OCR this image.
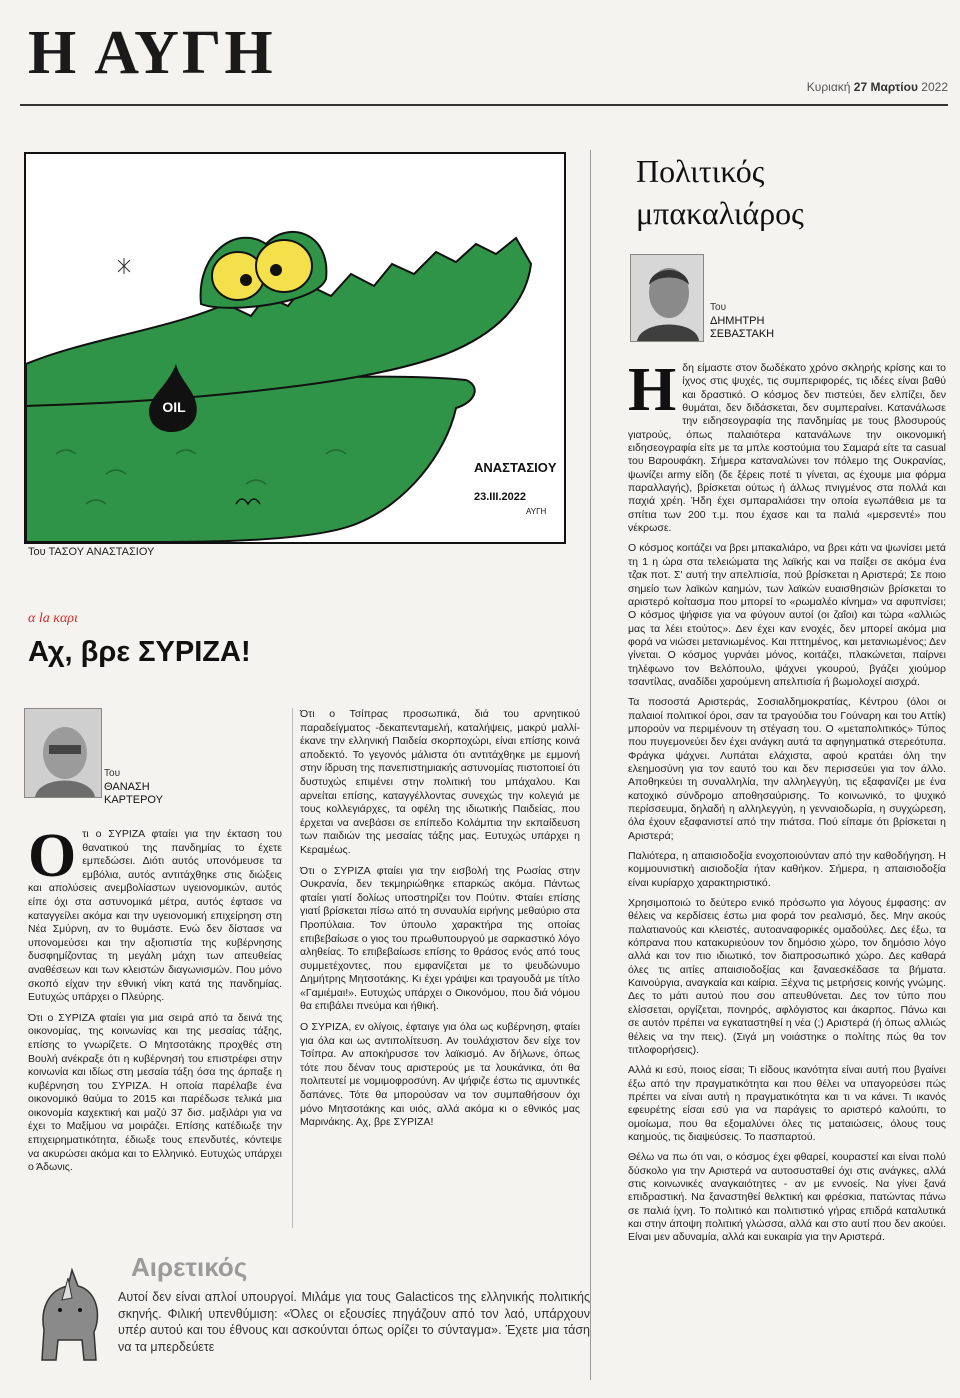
Η ΑΥΓΗ	Κυριακή 27 Μαρτίου 2022
OIL
ANAΣTAΣIOY
23.III.2022
ΑΥΓΗ
Του ΤΑΣΟΥ ΑΝΑΣΤΑΣΙΟΥ
α la καρι
Αχ, βρε ΣΥΡΙΖΑ!
Του
ΘΑΝΑΣΗ
ΚΑΡΤΕΡΟΥ

Οτι ο ΣΥΡΙΖΑ φταίει για την έκταση του θανατικού της πανδημίας το έχετε εμπεδώσει. Διότι αυτός υπονόμευσε τα εμβόλια, αυτός αντιτάχθηκε στις διώξεις και απολύσεις ανεμβολίαστων υγειονομικών, αυτός είπε όχι στα αστυνομικά μέτρα, αυτός έφτασε να καταγγείλει ακόμα και την υγειονομική επιχείρηση στη Νέα Σμύρνη, αν το θυμάστε. Ενώ δεν δίστασε να υπονομεύσει και την αξιοπιστία της κυβέρνησης δυσφημίζοντας τη μεγάλη μάχη των απευθείας αναθέσεων και των κλειστών διαγωνισμών. Που μόνο σκοπό είχαν την εθνική νίκη κατά της πανδημίας. Ευτυχώς υπάρχει ο Πλεύρης.

Ότι ο ΣΥΡΙΖΑ φταίει για μια σειρά από τα δεινά της οικονομίας, της κοινωνίας και της μεσαίας τάξης, επίσης το γνωρίζετε. Ο Μητσοτάκης προχθές στη Βουλή ανέκραξε ότι η κυβέρνησή του επιστρέφει στην κοινωνία και ιδίως στη μεσαία τάξη όσα της άρπαξε η κυβέρνηση του ΣΥΡΙΖΑ. Η οποία παρέλαβε ένα οικονομικό θαύμα το 2015 και παρέδωσε τελικά μια οικονομία καχεκτική και μαζύ 37 δισ. μαξιλάρι για να έχει το Μαξίμου να μοιράζει. Επίσης κατέδιωξε την επιχειρηματικότητα, έδιωξε τους επενδυτές, κόντεψε να ακυρώσει ακόμα και το Ελληνικό. Ευτυχώς υπάρχει ο Άδωνις.

Ότι ο Τσίπρας προσωπικά, διά του αρνητικού παραδείγματος -δεκαπενταμελή, καταλήψεις, μακρύ μαλλί- έκανε την ελληνική Παιδεία σκορποχώρι, είναι επίσης κοινά αποδεκτό. Το γεγονός μάλιστα ότι αντιτάχθηκε με εμμονή στην ίδρυση της πανεπιστημιακής αστυνομίας πιστοποιεί ότι δυστυχώς επιμένει στην πολιτική του μπάχαλου. Και αρνείται επίσης, καταγγέλλοντας συνεχώς την κολεγιά με τους κολλεγιάρχες, τα οφέλη της ιδιωτικής Παιδείας, που έρχεται να ανεβάσει σε επίπεδο Κολάμπια την εκπαίδευση των παιδιών της μεσαίας τάξης μας. Ευτυχώς υπάρχει η Κεραμέως.

Ότι ο ΣΥΡΙΖΑ φταίει για την εισβολή της Ρωσίας στην Ουκρανία, δεν τεκμηριώθηκε επαρκώς ακόμα. Πάντως φταίει γιατί δολίως υποστηρίζει τον Πούτιν. Φταίει επίσης γιατί βρίσκεται πίσω από τη συναυλία ειρήνης μεθαύριο στα Προπύλαια. Τον ύπουλο χαρακτήρα της οποίας επιβεβαίωσε ο γιος του πρωθυπουργού με σαρκαστικό λόγο αληθείας. Το επιβεβαίωσε επίσης το θράσος ενός από τους συμμετέχοντες, που εμφανίζεται με το ψευδώνυμο Δημήτρης Μητσοτάκης. Κι έχει γράψει και τραγουδά με τίτλο «Γαμιέμαι!». Ευτυχώς υπάρχει ο Οικονόμου, που διά νόμου θα επιβάλει πνεύμα και ήθική.

Ο ΣΥΡΙΖΑ, εν ολίγοις, έφταιγε για όλα ως κυβέρνηση, φταίει για όλα και ως αντιπολίτευση. Αν τουλάχιστον δεν είχε τον Τσίπρα. Αν αποκήρυσσε τον λαϊκισμό. Αν δήλωνε, όπως τότε που δέναν τους αριστερούς με τα λουκάνικα, ότι θα πολιτευτεί με νομιμοφροσύνη. Αν ψήφιζε έστω τις αμυντικές δαπάνες. Τότε θα μπορούσαν να τον συμπαθήσουν όχι μόνο Μητσοτάκης και υιός, αλλά ακόμα κι ο εθνικός μας Μαρινάκης. Αχ, βρε ΣΥΡΙΖΑ!

Αιρετικός
Αυτοί δεν είναι απλοί υπουργοί. Μιλάμε για τους Galacticos της ελληνικής πολιτικής σκηνής. Φιλική υπενθύμιση: «Όλες οι εξουσίες πηγάζουν από τον λαό, υπάρχουν υπέρ αυτού και του έθνους και ασκούνται όπως ορίζει το σύνταγμα». Έχετε μια τάση να τα μπερδεύετε
Πολιτικός
μπακαλιάρος
Του
ΔΗΜΗΤΡΗ
ΣΕΒΑΣΤΑΚΗ

Ηδη είμαστε στον δωδέκατο χρόνο σκληρής κρίσης και το ίχνος στις ψυχές, τις συμπεριφορές, τις ιδέες είναι βαθύ και δραστικό. Ο κόσμος δεν πιστεύει, δεν ελπίζει, δεν θυμάται, δεν διδάσκεται, δεν συμπεραίνει. Κατανάλωσε την ειδησεογραφία της πανδημίας με τους βλοσυρούς γιατρούς, όπως παλαιότερα κατανάλωνε την οικονομική ειδησεογραφία είτε με τα μπλε κοστούμια του Σαμαρά είτε τα casual του Βαρουφάκη. Σήμερα καταναλώνει τον πόλεμο της Ουκρανίας, ψωνίζει army είδη (δε ξέρεις ποτέ τι γίνεται, ας έχουμε μια φόρμα παραλλαγής), βρίσκεται ούτως ή άλλως πνιγμένος στα πολλά και παχιά χρέη. Ήδη έχει σμπαραλιάσει την οποία εγωπάθεια με τα σπίτια των 200 τ.μ. που έχασε και τα παλιά «μερσεντέ» που νέκρωσε.

Ο κόσμος κοιτάζει να βρει μπακαλιάρο, να βρει κάτι να ψωνίσει μετά τη 1 η ώρα στα τελειώματα της λαϊκής και να παίξει σε ακόμα ένα τζακ ποτ. Σ' αυτή την απελπισία, πού βρίσκεται η Αριστερά; Σε ποιο σημείο των λαϊκών καημών, των λαϊκών ευαισθησιών βρίσκεται το αριστερό κοίτασμα που μπορεί το «ρωμαλέο κίνημα» να αφυπνίσει; Ο κόσμος ψήφισε για να φύγουν αυτοί (οι ζαΐοι) και τώρα «αλλιώς μας τα λέει ετούτος». Δεν έχει καν ενοχές, δεν μπορεί ακόμα μια φορά να νιώσει μετανιωμένος. Και πττημένος, και μετανιωμένος; Δεν γίνεται. Ο κόσμος γυρνάει μόνος, κοιτάζει, πλακώνεται, παίρνει τηλέφωνο τον Βελόπουλο, ψάχνει γκουρού, βγάζει χιούμορ τσαντίλας, αναδίδει χαρούμενη απελπισία ή βωμολοχεί αισχρά.

Τα ποσοστά Αριστεράς, Σοσιαλδημοκρατίας, Κέντρου (όλοι οι παλαιοί πολιτικοί όροι, σαν τα τραγούδια του Γούναρη και του Αττίκ) μπορούν να περιμένουν τη στέγαση του. Ο «μεταπολιτικός» Τύπος που πυγεμονεύει δεν έχει ανάγκη αυτά τα αφηγηματικά στερεότυπα. Φράγκα ψάχνει. Λυπάται ελάχιστα, αφού κρατάει όλη την ελεημοσύνη για τον εαυτό του και δεν περισσεύει για τον άλλο. Αποθηκεύει τη συναλληλία, την αλληλεγγύη, τις εξαφανίζει με ένα κατοχικό σύνδρομο αποθησαύρισης. Το κοινωνικό, το ψυχικό περίσσευμα, δηλαδή η αλληλεγγύη, η γενναιοδωρία, η συγχώρεση, όλα έχουν εξαφανιστεί από την πιάτσα. Πού είπαμε ότι βρίσκεται η Αριστερά;

Παλιότερα, η απαισιοδοξία ενοχοποιούνταν από την καθοδήγηση. Η κομμουνιστική αισιοδοξία ήταν καθήκον. Σήμερα, η απαισιοδοξία είναι κυρίαρχο χαρακτηριστικό.

Χρησιμοποιώ το δεύτερο ενικό πρόσωπο για λόγους έμφασης: αν θέλεις να κερδίσεις έστω μια φορά τον ρεαλισμό, δες. Μην ακούς παλατιανούς και κλειστές, αυτοαναφορικές ομαδούλες. Δες έξω, τα κόπρανα που κατακυριεύουν τον δημόσιο χώρο, τον δημόσιο λόγο αλλά και τον πιο ιδιωτικό, τον διαπροσωπικό χώρο. Δες καθαρά όλες τις αιτίες απαισιοδοξίας και ξαναεσκέδασε τα βήματα. Καινούργια, αναγκαία και καίρια. Ξέχνα τις μετρήσεις κοινής γνώμης. Δες το μάτι αυτού που σου απευθύνεται. Δες τον τύπο που ελίσσεται, οργίζεται, πονηρός, αφλόγιστος και άκαρπος. Πάνω και σε αυτόν πρέπει να εγκαταστηθεί η νέα (;) Αριστερά (ή όπως αλλιώς θέλεις να την πεις). (Σιγά μη νοιάστηκε ο πολίτης πώς θα τον τιτλοφορήσεις).

Αλλά κι εσύ, ποιος είσαι; Τι είδους ικανότητα είναι αυτή που βγαίνει έξω από την πραγματικότητα και που θέλει να υπαγορεύσει πώς πρέπει να είναι αυτή η πραγματικότητα και τι να κάνει. Τι ικανός εφευρέτης είσαι εσύ για να παράγεις το αριστερό καλούπι, το ομοίωμα, που θα εξομαλύνει όλες τις ματαιώσεις, όλους τους καημούς, τις διαψεύσεις. Το πασπαρτού.

Θέλω να πω ότι ναι, ο κόσμος έχει φθαρεί, κουραστεί και είναι πολύ δύσκολο για την Αριστερά να αυτοσυσταθεί όχι στις ανάγκες, αλλά στις κοινωνικές αναγκαιότητες - αν με εννοείς. Να γίνει ξανά επιδραστική. Να ξαναστηθεί θελκτική και φρέσκια, πατώντας πάνω σε παλιά ίχνη. Το πολιτικό και πολιτιστικό γήρας επιδρά καταλυτικά και στην άποψη πολιτική γλώσσα, αλλά και στο αυτί που δεν ακούει. Είναι μεν αδυναμία, αλλά και ευκαιρία για την Αριστερά.
